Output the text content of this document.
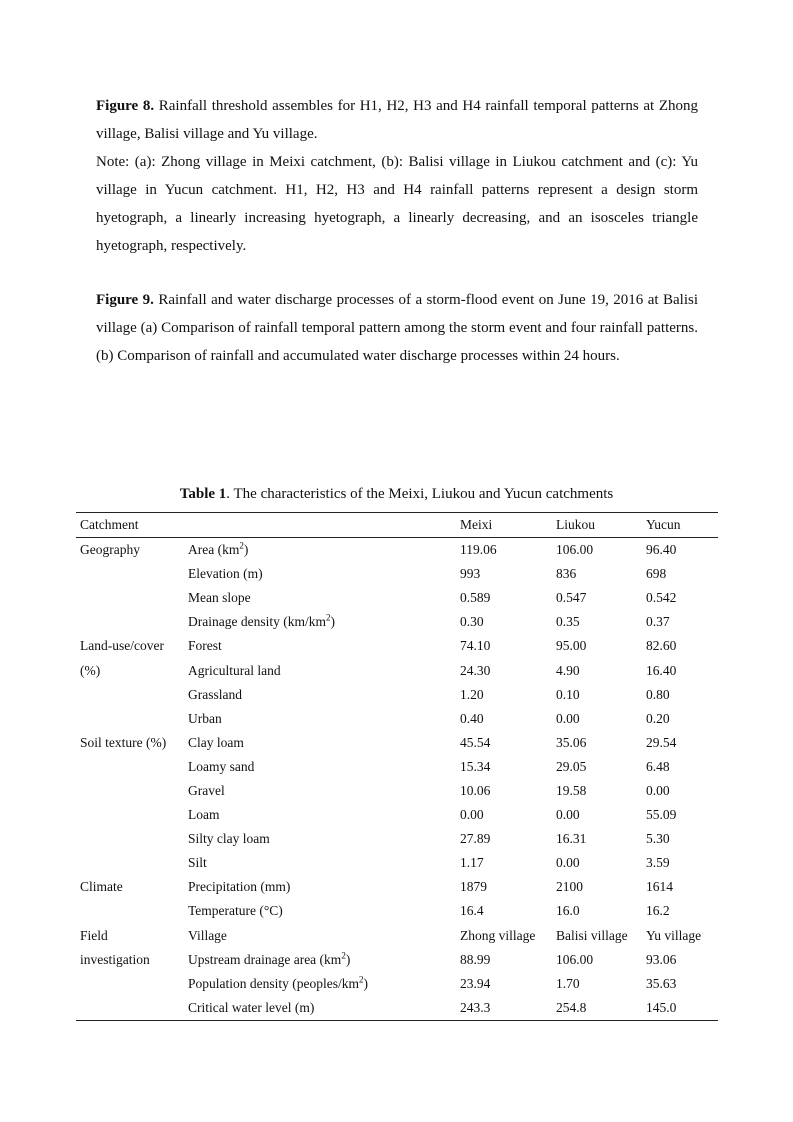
Figure 8. Rainfall threshold assembles for H1, H2, H3 and H4 rainfall temporal patterns at Zhong village, Balisi village and Yu village.
Note: (a): Zhong village in Meixi catchment, (b): Balisi village in Liukou catchment and (c): Yu village in Yucun catchment. H1, H2, H3 and H4 rainfall patterns represent a design storm hyetograph, a linearly increasing hyetograph, a linearly decreasing, and an isosceles triangle hyetograph, respectively.
Figure 9. Rainfall and water discharge processes of a storm-flood event on June 19, 2016 at Balisi village (a) Comparison of rainfall temporal pattern among the storm event and four rainfall patterns. (b) Comparison of rainfall and accumulated water discharge processes within 24 hours.
Table 1. The characteristics of the Meixi, Liukou and Yucun catchments
Catchment		Meixi	Liukou	Yucun
Geography	Area $(km^2)$	119.06	106.00	96.40
	Elevation (m)	993	836	698
	Mean slope	0.589	0.547	0.542
	Drainage density $(km/km^2)$	0.30	0.35	0.37
Land-use/cover	Forest	74.10	95.00	82.60
(%)	Agricultural land	24.30	4.90	16.40
	Grassland	1.20	0.10	0.80
	Urban	0.40	0.00	0.20
Soil texture (%)	Clay loam	45.54	35.06	29.54
	Loamy sand	15.34	29.05	6.48
	Gravel	10.06	19.58	0.00
	Loam	0.00	0.00	55.09
	Silty clay loam	27.89	16.31	5.30
	Silt	1.17	0.00	3.59
Climate	Precipitation (mm)	1879	2100	1614
	Temperature (°C)	16.4	16.0	16.2
Field	Village	Zhong village	Balisi village	Yu village
investigation	Upstream drainage area $(km^2)$	88.99	106.00	93.06
	Population density $(peoples/km^2)$	23.94	1.70	35.63
	Critical water level (m)	243.3	254.8	145.0
